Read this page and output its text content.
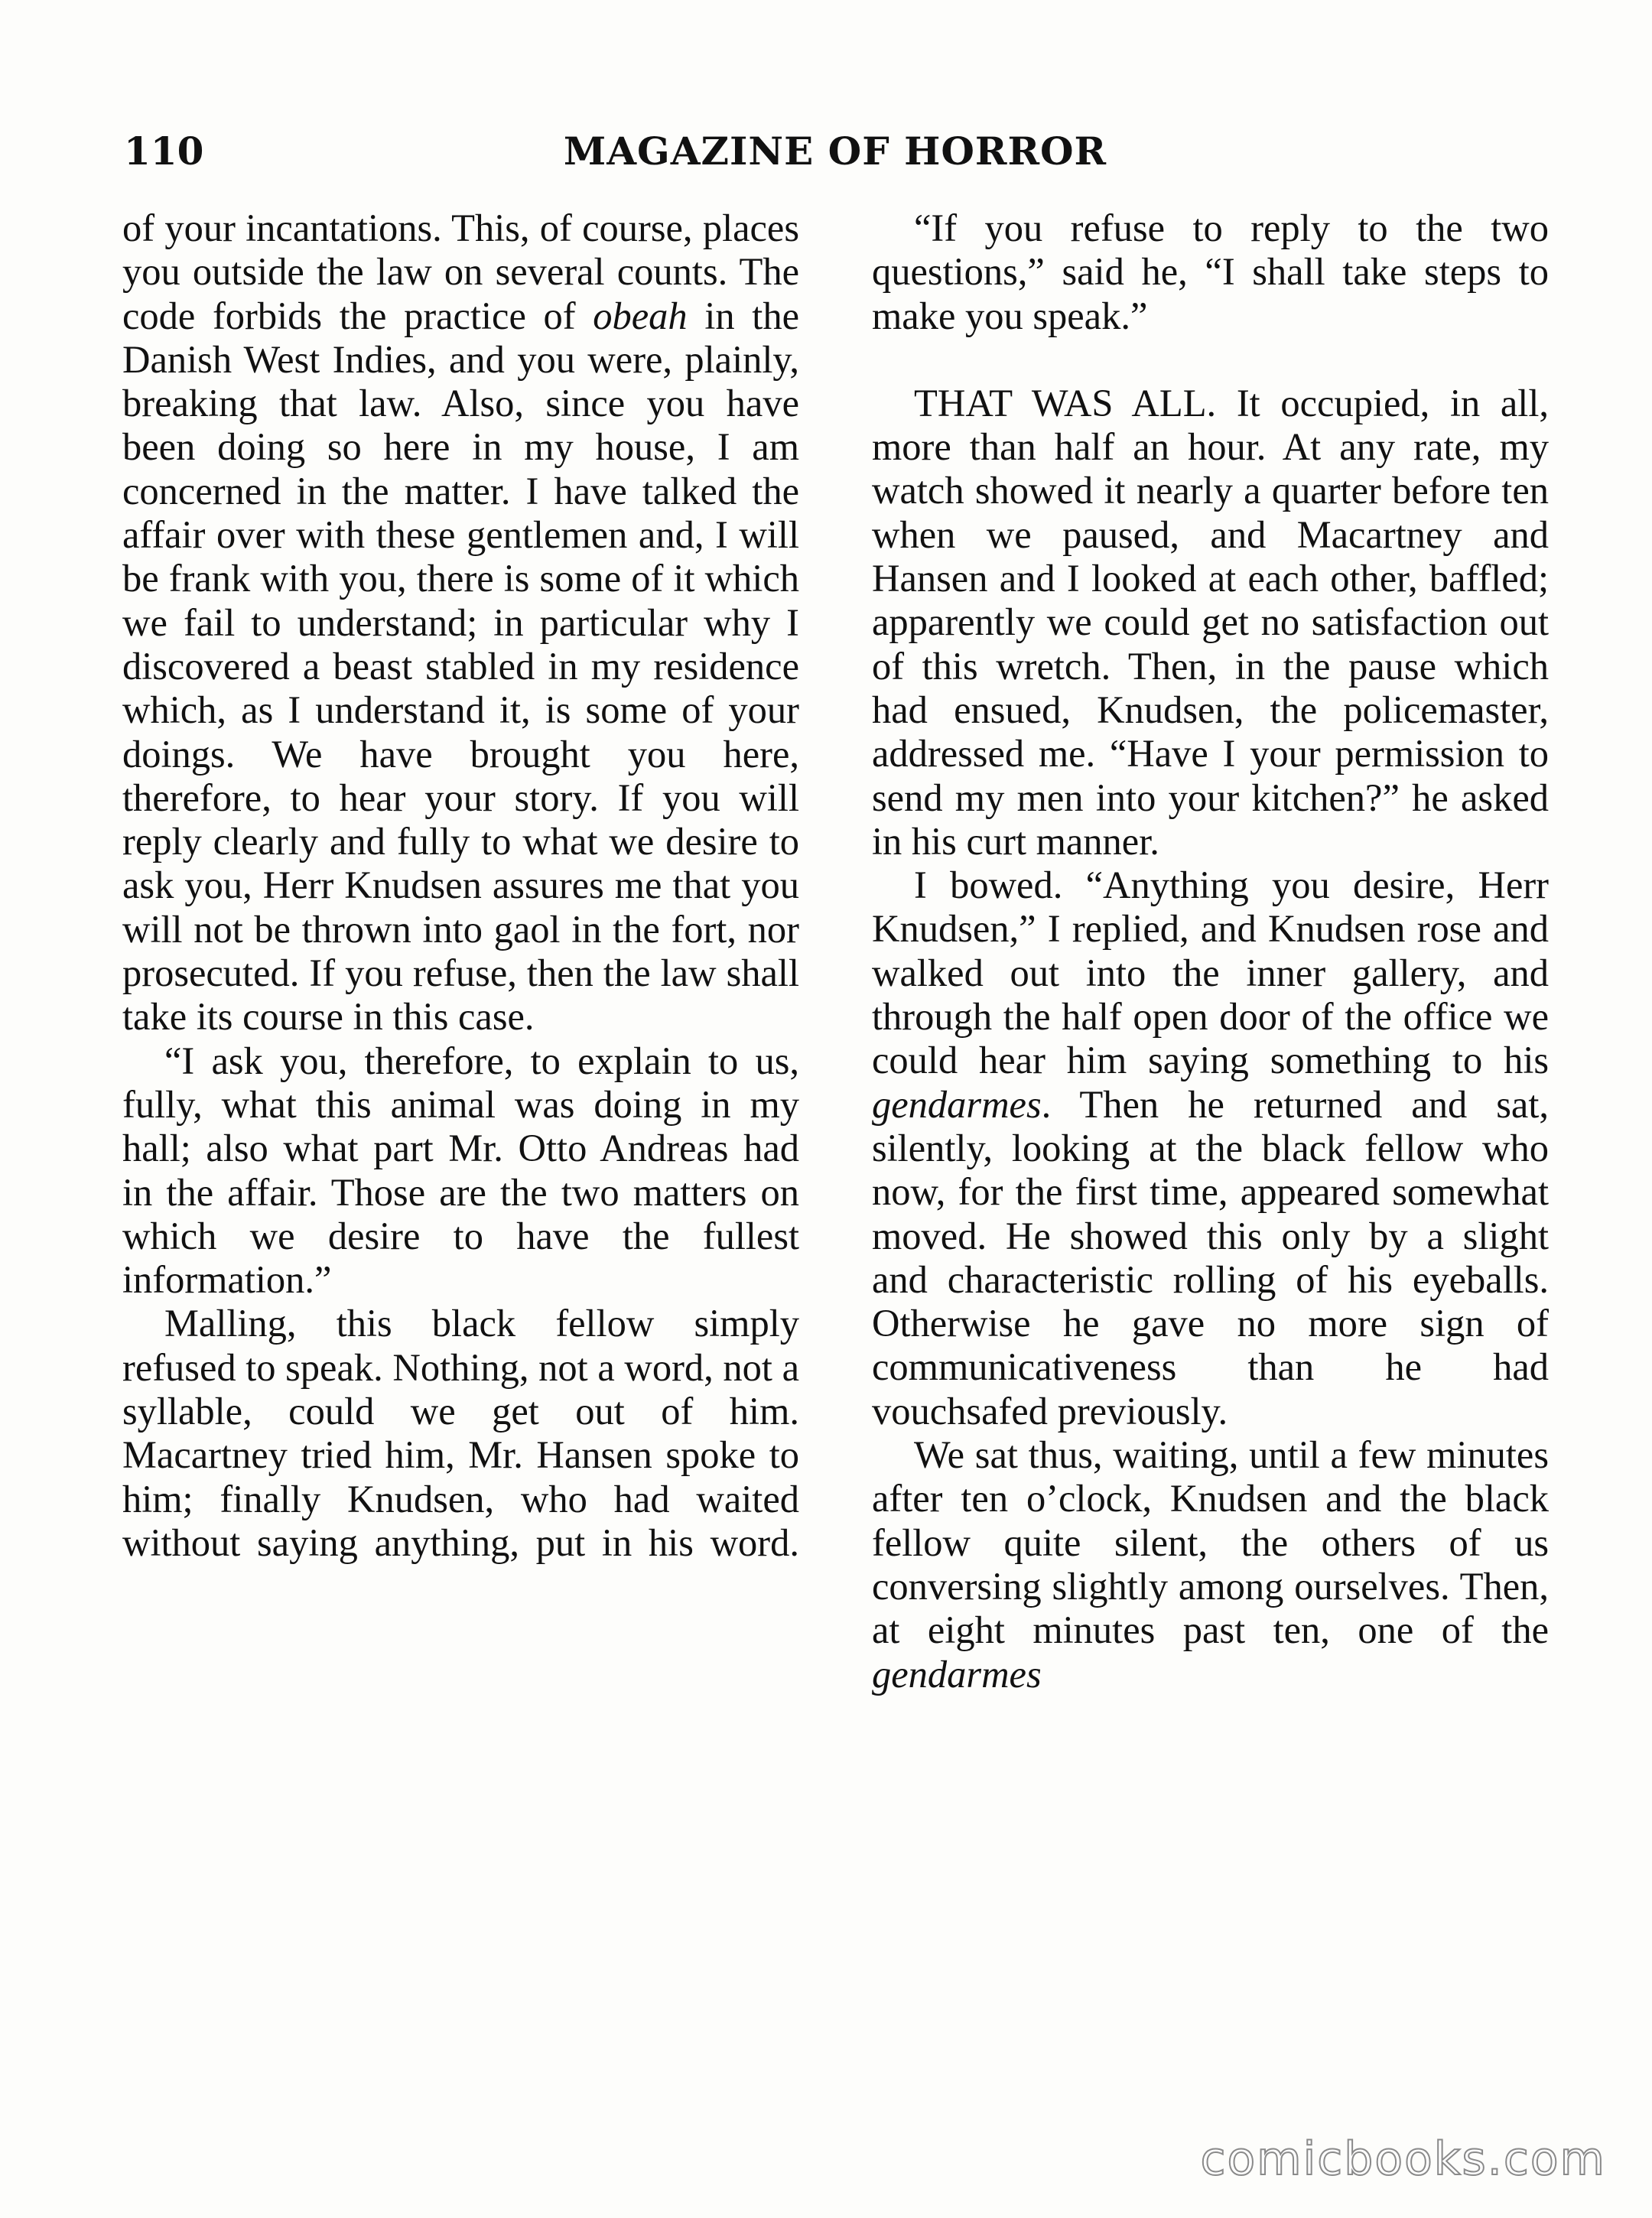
110	MAGAZINE OF HORROR

of your incantations. This, of course, places you outside the law on several counts. The code forbids the practice of obeah in the Danish West Indies, and you were, plainly, breaking that law. Also, since you have been doing so here in my house, I am concerned in the matter. I have talked the affair over with these gentlemen and, I will be frank with you, there is some of it which we fail to understand; in particular why I discovered a beast stabled in my residence which, as I understand it, is some of your doings. We have brought you here, therefore, to hear your story. If you will reply clearly and fully to what we desire to ask you, Herr Knudsen assures me that you will not be thrown into gaol in the fort, nor prosecuted. If you refuse, then the law shall take its course in this case.

“I ask you, therefore, to explain to us, fully, what this animal was doing in my hall; also what part Mr. Otto Andreas had in the affair. Those are the two matters on which we desire to have the fullest information.”

Malling, this black fellow simply refused to speak. Nothing, not a word, not a syllable, could we get out of him. Macartney tried him, Mr. Hansen spoke to him; finally Knudsen, who had waited without saying anything, put in his word.

“If you refuse to reply to the two questions,” said he, “I shall take steps to make you speak.”

THAT WAS ALL. It occupied, in all, more than half an hour. At any rate, my watch showed it nearly a quarter before ten when we paused, and Macartney and Hansen and I looked at each other, baffled; apparently we could get no satisfaction out of this wretch. Then, in the pause which had ensued, Knudsen, the policemaster, addressed me. “Have I your permission to send my men into your kitchen?” he asked in his curt manner.

I bowed. “Anything you desire, Herr Knudsen,” I replied, and Knudsen rose and walked out into the inner gallery, and through the half open door of the office we could hear him saying something to his gendarmes. Then he returned and sat, silently, looking at the black fellow who now, for the first time, appeared somewhat moved. He showed this only by a slight and characteristic rolling of his eyeballs. Otherwise he gave no more sign of communicativeness than he had vouchsafed previously.

We sat thus, waiting, until a few minutes after ten o’clock, Knudsen and the black fellow quite silent, the others of us conversing slightly among ourselves. Then, at eight minutes past ten, one of the gendarmes

comicbooks.com
